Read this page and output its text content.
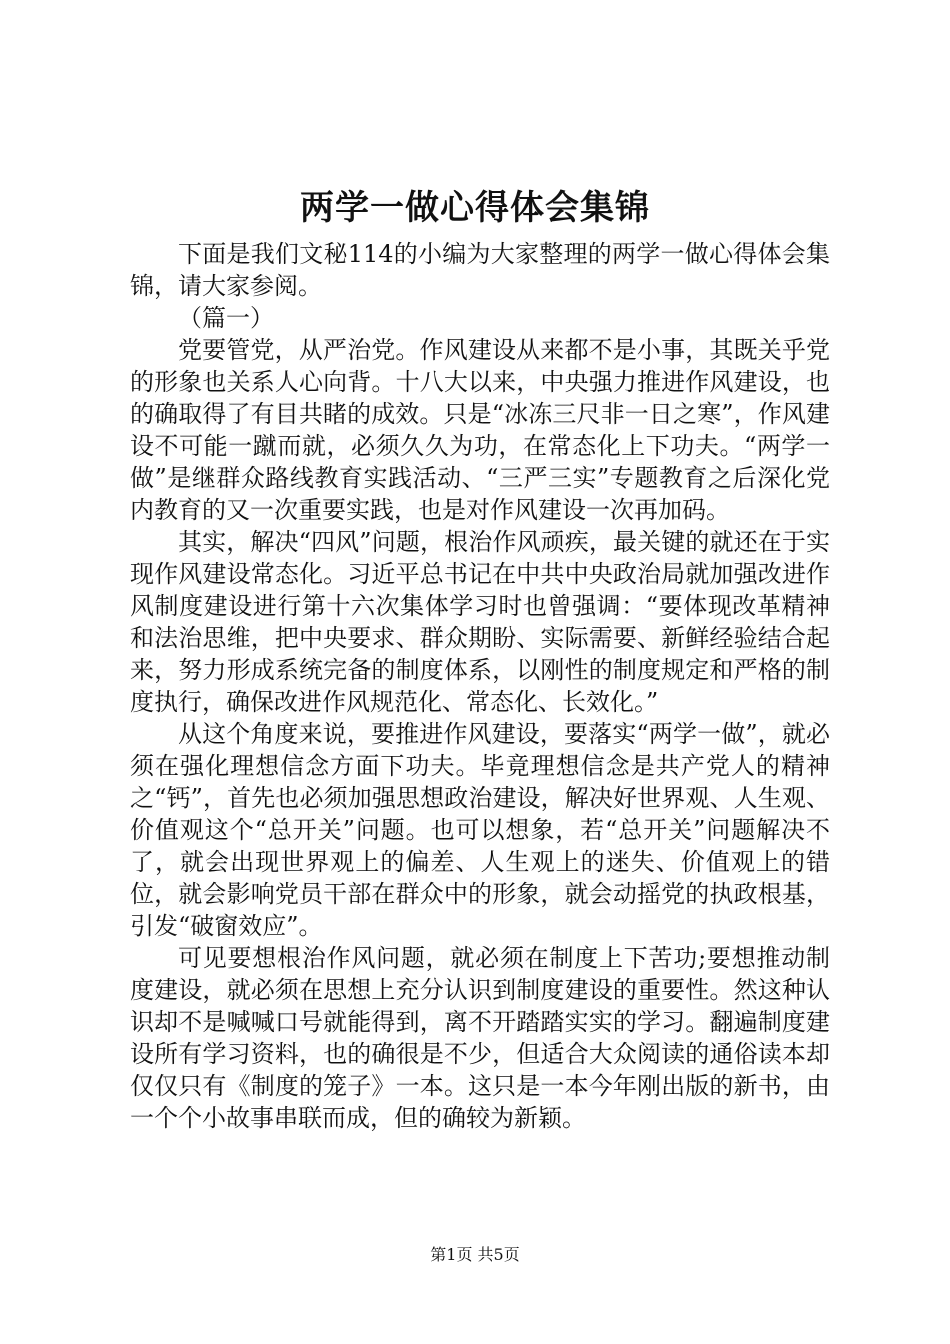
两学一做心得体会集锦

下面是我们文秘114的小编为大家整理的两学一做心得体会集锦，请大家参阅。

（篇一）

党要管党，从严治党。作风建设从来都不是小事，其既关乎党的形象也关系人心向背。十八大以来，中央强力推进作风建设，也的确取得了有目共睹的成效。只是“冰冻三尺非一日之寒”，作风建设不可能一蹴而就，必须久久为功，在常态化上下功夫。“两学一做”是继群众路线教育实践活动、“三严三实”专题教育之后深化党内教育的又一次重要实践，也是对作风建设一次再加码。

其实，解决“四风”问题，根治作风顽疾，最关键的就还在于实现作风建设常态化。习近平总书记在中共中央政治局就加强改进作风制度建设进行第十六次集体学习时也曾强调：“要体现改革精神和法治思维，把中央要求、群众期盼、实际需要、新鲜经验结合起来，努力形成系统完备的制度体系，以刚性的制度规定和严格的制度执行，确保改进作风规范化、常态化、长效化。”

从这个角度来说，要推进作风建设，要落实“两学一做”，就必须在强化理想信念方面下功夫。毕竟理想信念是共产党人的精神之“钙”，首先也必须加强思想政治建设，解决好世界观、人生观、价值观这个“总开关”问题。也可以想象，若“总开关”问题解决不了，就会出现世界观上的偏差、人生观上的迷失、价值观上的错位，就会影响党员干部在群众中的形象，就会动摇党的执政根基，引发“破窗效应”。

可见要想根治作风问题，就必须在制度上下苦功;要想推动制度建设，就必须在思想上充分认识到制度建设的重要性。然这种认识却不是喊喊口号就能得到，离不开踏踏实实的学习。翻遍制度建设所有学习资料，也的确很是不少，但适合大众阅读的通俗读本却仅仅只有《制度的笼子》一本。这只是一本今年刚出版的新书，由一个个小故事串联而成，但的确较为新颖。

第1页 共5页
